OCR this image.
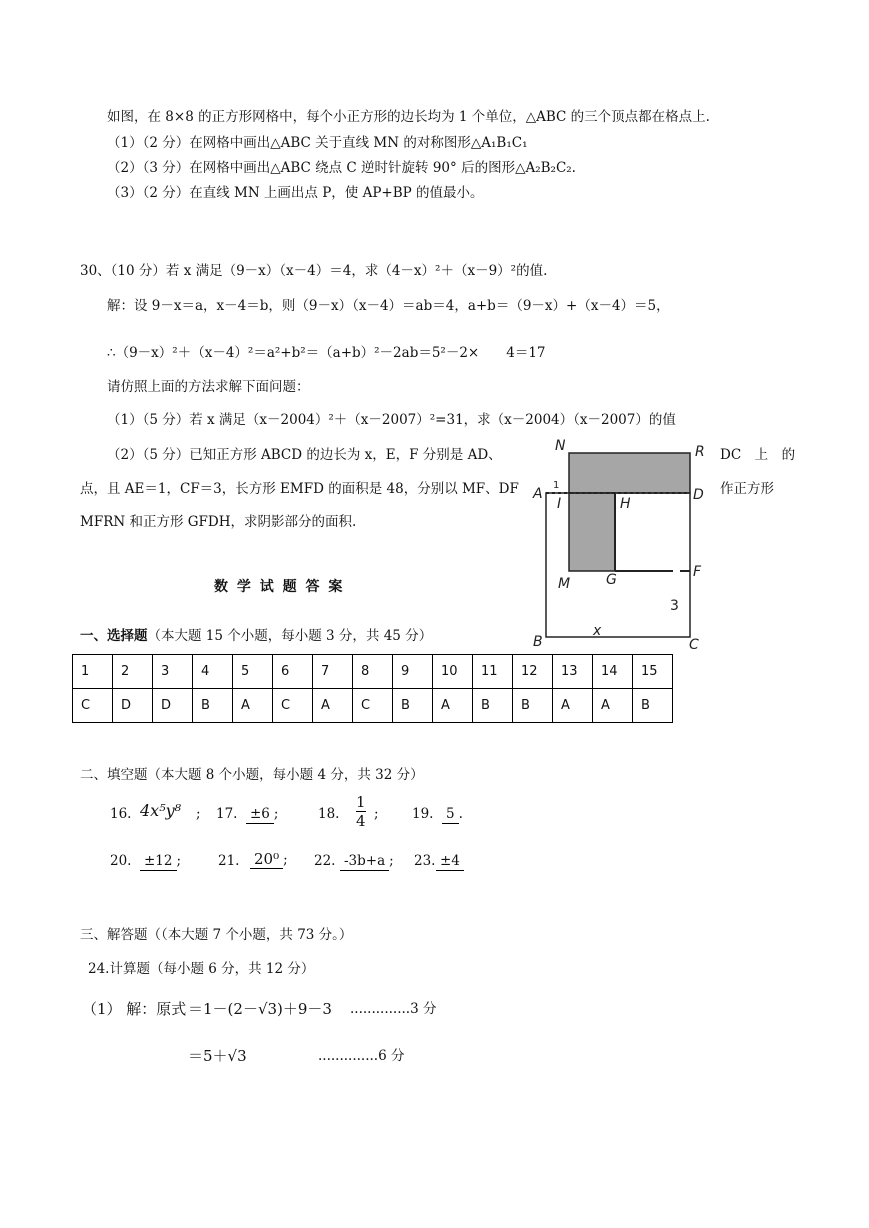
如图，在 8×8 的正方形网格中，每个小正方形的边长均为 1 个单位，△ABC 的三个顶点都在格点上.
（1）（2 分）在网格中画出△ABC 关于直线 MN 的对称图形△A₁B₁C₁
（2）（3 分）在网格中画出△ABC 绕点 C 逆时针旋转 90° 后的图形△A₂B₂C₂.
（3）（2 分）在直线 MN 上画出点 P，使 AP+BP 的值最小。
30、（10 分）若 x 满足（9－x）（x－4）＝4，求（4－x）²＋（x－9）²的值.
解：设 9－x＝a，x－4＝b，则（9－x）（x－4）＝ab＝4，a+b＝（9－x）+（x－4）＝5，
∴（9－x）²＋（x－4）²＝a²+b²＝（a+b）²－2ab＝5²－2×　　4＝17
请仿照上面的方法求解下面问题：
（1）（5 分）若 x 满足（x－2004）²＋（x－2007）²=31，求（x－2004）（x－2007）的值
（2）（5 分）已知正方形 ABCD 的边长为 x，E，F 分别是 AD、	DC　上　的
点，且 AE＝1，CF＝3，长方形 EMFD 的面积是 48，分别以 MF、DF	作正方形
MFRN 和正方形 GFDH，求阴影部分的面积.
N	R
A
I
D
H
M	G	F
B
x
C
3
1
数 学 试 题 答 案
一、选择题（本大题 15 个小题，每小题 3 分，共 45 分）
1	2	3	4	5	6	7	8	9	10	11	12	13	14	15
C	D	D	B	A	C	A	C	B	A	B	B	A	A	B
二、填空题（本大题 8 个小题，每小题 4 分，共 32 分）
16. 4x⁵y⁸ ; 17. ±6 ;	18. $\frac{1}{4}$ ; 19. 5 .
20. ±12 ;	21. 20⁰ ; 22. -3b+a ; 23. ±4
三、解答题（（本大题 7 个小题，共 73 分。）
24.计算题（每小题 6 分，共 12 分）
（1） 解：原式 ＝1－(2－√3)＋9－3 ..............3 分
＝5＋√3	..............6 分
